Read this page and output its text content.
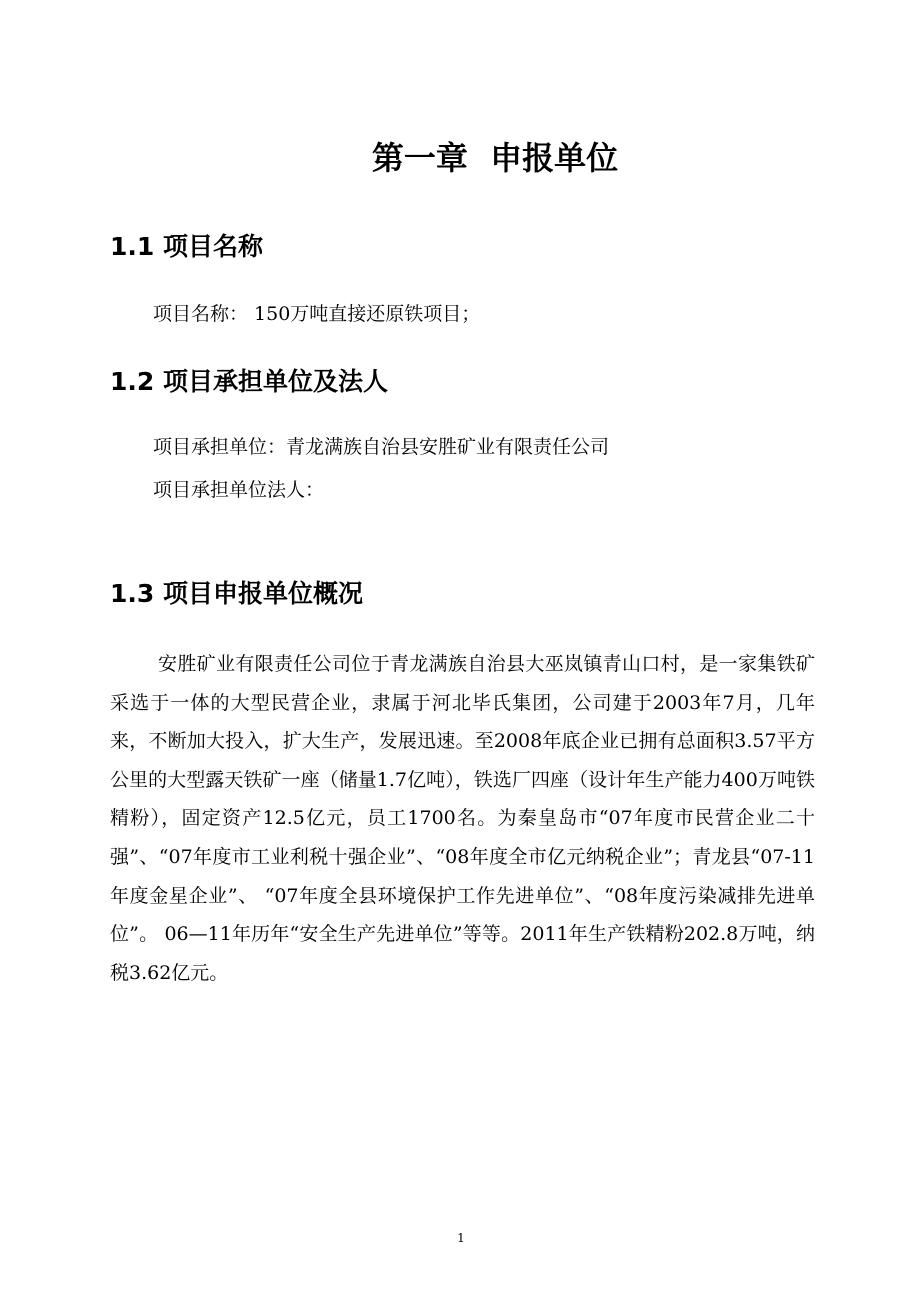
第一章  申报单位
1.1 项目名称
项目名称： 150万吨直接还原铁项目；
1.2 项目承担单位及法人
项目承担单位：青龙满族自治县安胜矿业有限责任公司
项目承担单位法人：
1.3 项目申报单位概况

安胜矿业有限责任公司位于青龙满族自治县大巫岚镇青山口村，是一家集铁矿采选于一体的大型民营企业，隶属于河北毕氏集团，公司建于2003年7月，几年来，不断加大投入，扩大生产，发展迅速。至2008年底企业已拥有总面积3.57平方公里的大型露天铁矿一座（储量1.7亿吨），铁选厂四座（设计年生产能力400万吨铁精粉），固定资产12.5亿元，员工1700名。为秦皇岛市“07年度市民营企业二十强”、“07年度市工业利税十强企业”、“08年度全市亿元纳税企业”；青龙县“07-11年度金星企业”、 “07年度全县环境保护工作先进单位”、“08年度污染减排先进单位”。 06—11年历年“安全生产先进单位”等等。2011年生产铁精粉202.8万吨，纳税3.62亿元。

1
